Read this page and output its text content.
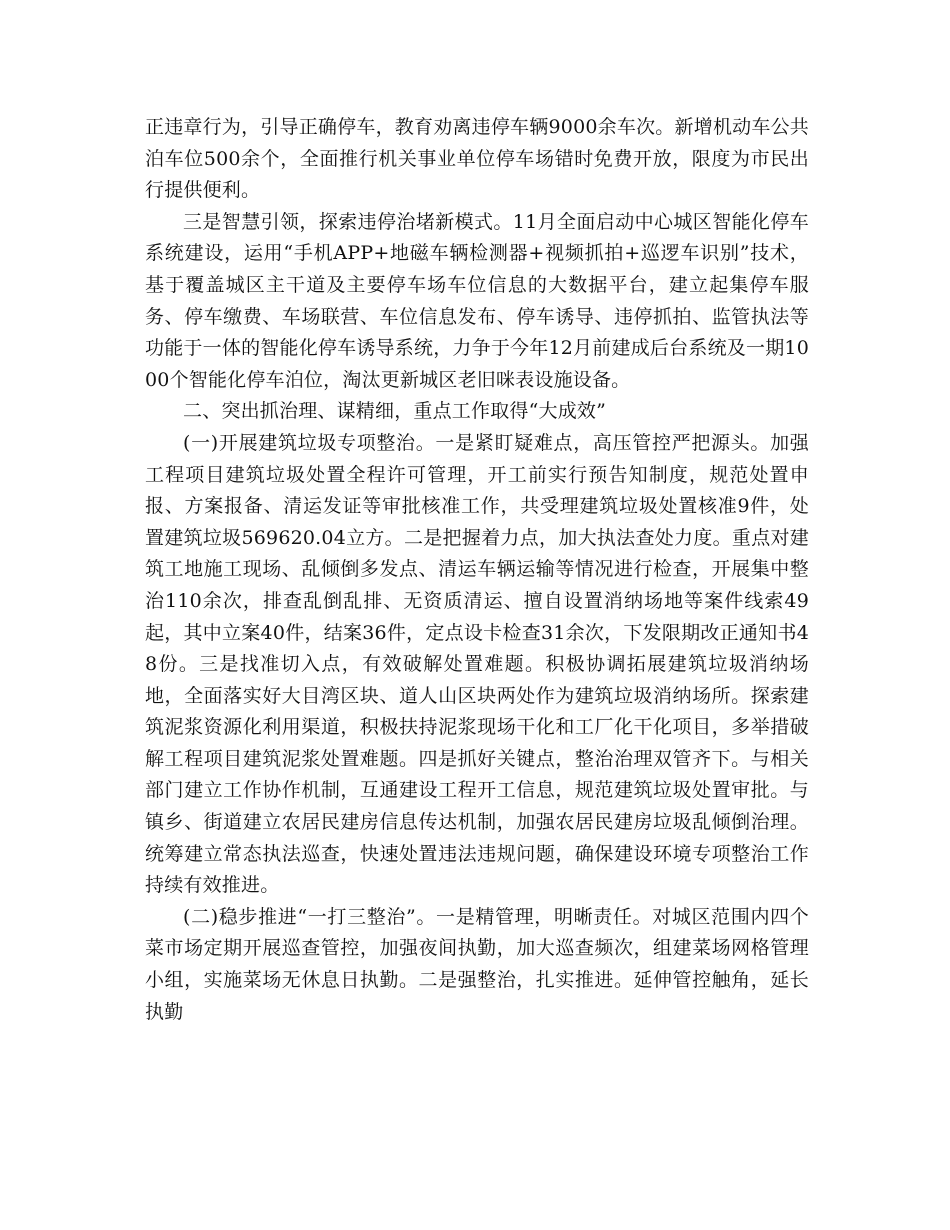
正违章行为，引导正确停车，教育劝离违停车辆9000余车次。新增机动车公共泊车位500余个，全面推行机关事业单位停车场错时免费开放，限度为市民出行提供便利。

三是智慧引领，探索违停治堵新模式。11月全面启动中心城区智能化停车系统建设，运用“手机APP+地磁车辆检测器+视频抓拍+巡逻车识别”技术，基于覆盖城区主干道及主要停车场车位信息的大数据平台，建立起集停车服务、停车缴费、车场联营、车位信息发布、停车诱导、违停抓拍、监管执法等功能于一体的智能化停车诱导系统，力争于今年12月前建成后台系统及一期1000个智能化停车泊位，淘汰更新城区老旧咪表设施设备。

二、突出抓治理、谋精细，重点工作取得“大成效”

(一)开展建筑垃圾专项整治。一是紧盯疑难点，高压管控严把源头。加强工程项目建筑垃圾处置全程许可管理，开工前实行预告知制度，规范处置申报、方案报备、清运发证等审批核准工作，共受理建筑垃圾处置核准9件，处置建筑垃圾569620.04立方。二是把握着力点，加大执法查处力度。重点对建筑工地施工现场、乱倾倒多发点、清运车辆运输等情况进行检查，开展集中整治110余次，排查乱倒乱排、无资质清运、擅自设置消纳场地等案件线索49起，其中立案40件，结案36件，定点设卡检查31余次，下发限期改正通知书48份。三是找准切入点，有效破解处置难题。积极协调拓展建筑垃圾消纳场地，全面落实好大目湾区块、道人山区块两处作为建筑垃圾消纳场所。探索建筑泥浆资源化利用渠道，积极扶持泥浆现场干化和工厂化干化项目，多举措破解工程项目建筑泥浆处置难题。四是抓好关键点，整治治理双管齐下。与相关部门建立工作协作机制，互通建设工程开工信息，规范建筑垃圾处置审批。与镇乡、街道建立农居民建房信息传达机制，加强农居民建房垃圾乱倾倒治理。统筹建立常态执法巡查，快速处置违法违规问题，确保建设环境专项整治工作持续有效推进。

(二)稳步推进“一打三整治”。一是精管理，明晰责任。对城区范围内四个菜市场定期开展巡查管控，加强夜间执勤，加大巡查频次，组建菜场网格管理小组，实施菜场无休息日执勤。二是强整治，扎实推进。延伸管控触角，延长执勤
